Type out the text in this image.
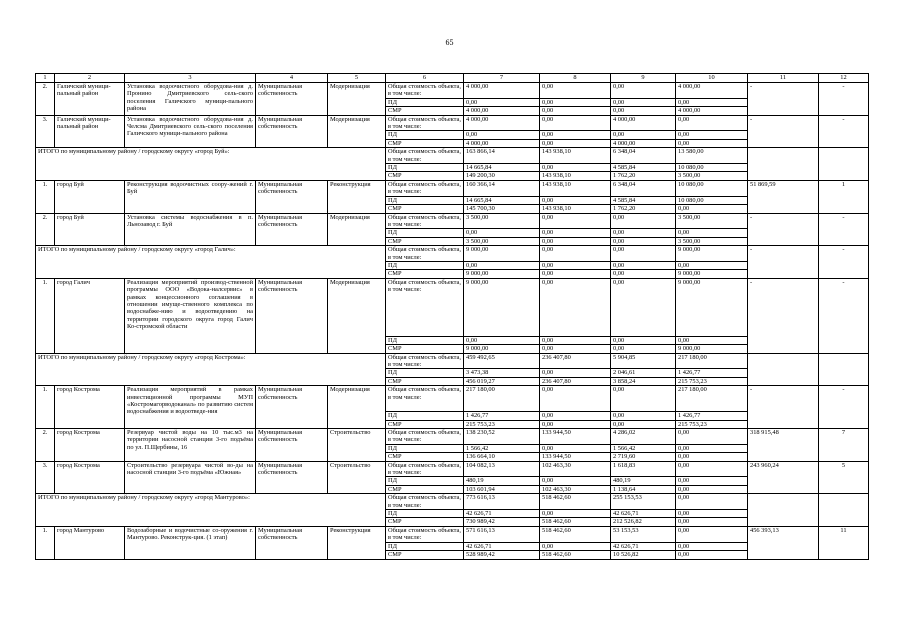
65
1	2	3	4	5	6	7	8	9	10	11	12
2.	Галичский муници-пальный район	Установка водоочистного оборудова-ния д. Пронино Дмитриевского сель-ского поселения Галичского муници-пального района	Муниципальная собственность	Модернизация	Общая стоимость объекта, в том числе:	4 000,00	0,00	0,00	4 000,00	-	-
					ПД	0,00	0,00	0,00	0,00		
					СМР	4 000,00	0,00	0,00	4 000,00		
3.	Галичский муници-пальный район	Установка водоочистного оборудова-ния д. Челсма Дмитриевского сель-ского поселения Галичского муници-пального района	Муниципальная собственность	Модернизация	Общая стоимость объекта, в том числе:	4 000,00	0,00	4 000,00	0,00	-	-
					ПД	0,00	0,00	0,00	0,00		
					СМР	4 000,00	0,00	4 000,00	0,00		
ИТОГО по муниципальному району / городскому округу «город Буй»:					Общая стоимость объекта, в том числе:	163 866,14	143 938,10	6 348,04	13 580,00		
					ПД	14 665,84	0,00	4 585,84	10 080,00		
					СМР	149 200,30	143 938,10	1 762,20	3 500,00		
1.	город Буй	Реконструкция водоочистных соору-жений г. Буй	Муниципальная собственность	Реконструкция	Общая стоимость объекта, в том числе:	160 366,14	143 938,10	6 348,04	10 080,00	51 869,59	1
					ПД	14 665,84	0,00	4 585,84	10 080,00		
					СМР	145 700,30	143 938,10	1 762,20	0,00		
2.	город Буй	Установка системы водоснабжения в п. Льнозавод г. Буй	Муниципальная собственность	Модернизация	Общая стоимость объекта, в том числе:	3 500,00	0,00	0,00	3 500,00	-	-
					ПД	0,00	0,00	0,00	0,00		
					СМР	3 500,00	0,00	0,00	3 500,00		
ИТОГО по муниципальному району / городскому округу «город Галич»:					Общая стоимость объекта, в том числе:	9 000,00	0,00	0,00	9 000,00	-	-
					ПД	0,00	0,00	0,00	0,00		
					СМР	9 000,00	0,00	0,00	9 000,00		
1.	город Галич	Реализация мероприятий производ-ственной программы ООО «Водока-налсервис» в рамках концессионного соглашения в отношении имуще-ственного комплекса по водоснабже-нию и водоотведению на территории городского округа город Галич Ко-стромской области	Муниципальная собственность	Модернизация	Общая стоимость объекта, в том числе:	9 000,00	0,00	0,00	9 000,00	-	-
					ПД	0,00	0,00	0,00	0,00		
					СМР	9 000,00	0,00	0,00	9 000,00		
ИТОГО по муниципальному району / городскому округу «город Кострома»:					Общая стоимость объекта, в том числе:	459 492,65	236 407,80	5 904,85	217 180,00		
					ПД	3 473,38	0,00	2 046,61	1 426,77		
					СМР	456 019,27	236 407,80	3 858,24	215 753,23		
1.	город Кострома	Реализация мероприятий в рамках инвестиционной программы МУП «Костромагорводоканал» по развитию систем водоснабжения и водоотведе-ния	Муниципальная собственность	Модернизация	Общая стоимость объекта, в том числе:	217 180,00	0,00	0,00	217 180,00	-	-
					ПД	1 426,77	0,00	0,00	1 426,77		
					СМР	215 753,23	0,00	0,00	215 753,23		
2.	город Кострома	Резервуар чистой воды на 10 тыс.м3 на территории насосной станции 3-го подъёма по ул. П.Щербины, 16	Муниципальная собственность	Строительство	Общая стоимость объекта, в том числе:	138 230,52	133 944,50	4 286,02	0,00	318 915,48	7
					ПД	1 566,42	0,00	1 566,42	0,00		
					СМР	136 664,10	133 944,50	2 719,60	0,00		
3.	город Кострома	Строительство резервуара чистой во-ды на насосной станции 3-го подъёма «Южная»	Муниципальная собственность	Строительство	Общая стоимость объекта, в том числе:	104 082,13	102 463,30	1 618,83	0,00	243 960,24	5
					ПД	480,19	0,00	480,19	0,00		
					СМР	103 601,94	102 463,30	1 138,64	0,00		
ИТОГО по муниципальному району / городскому округу «город Мантурово»:					Общая стоимость объекта, в том числе:	773 616,13	518 462,60	255 153,53	0,00		
					ПД	42 626,71	0,00	42 626,71	0,00		
					СМР	730 989,42	518 462,60	212 526,82	0,00		
1.	город Мантурово	Водозаборные и водочистные со-оружения г. Мантурово. Реконструк-ция. (1 этап)	Муниципальная собственность	Реконструкция	Общая стоимость объекта, в том числе:	571 616,13	518 462,60	53 153,53	0,00	456 393,13	11
					ПД	42 626,71	0,00	42 626,71	0,00		
					СМР	528 989,42	518 462,60	10 526,82	0,00		
